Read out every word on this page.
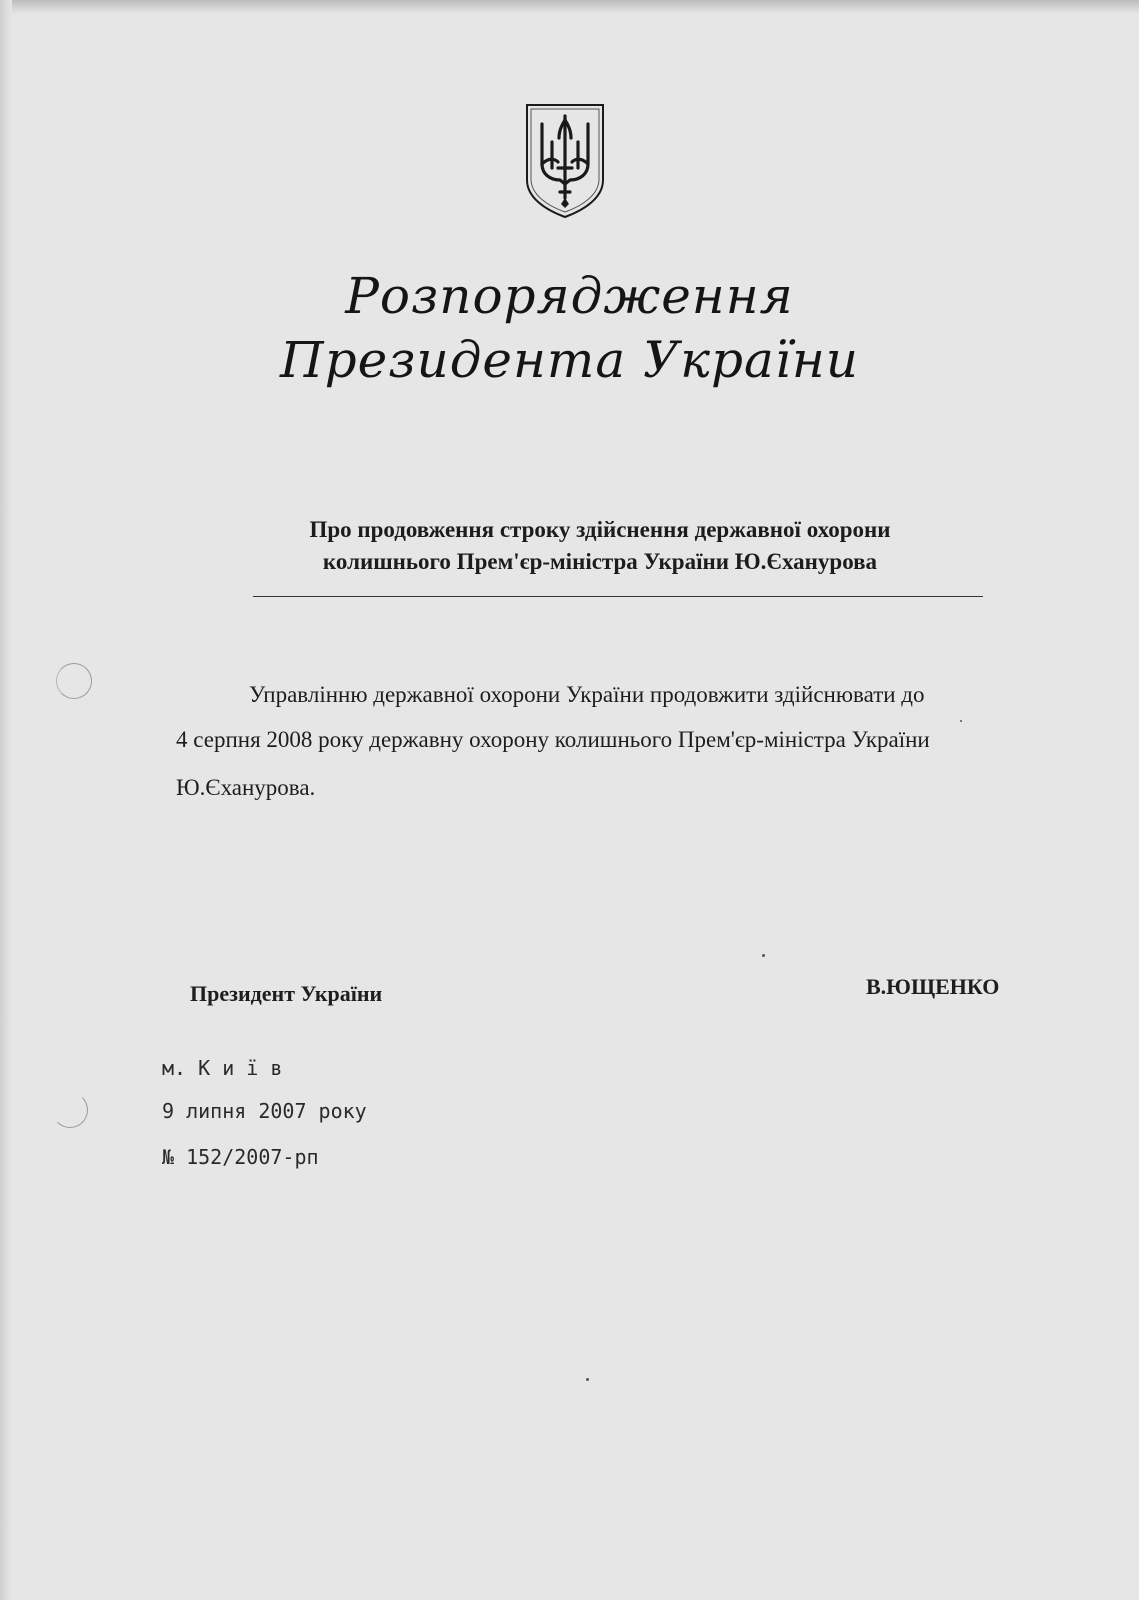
Розпорядження
Президента України
Про продовження строку здійснення державної охорони
колишнього Прем'єр-міністра України Ю.Єханурова
Управлінню державної охорони України продовжити здійснювати до
4 серпня 2008 року державну охорону колишнього Прем'єр-міністра України
Ю.Єханурова.
Президент України	В.ЮЩЕНКО
м. К и ї в
9 липня 2007 року
№ 152/2007-рп
